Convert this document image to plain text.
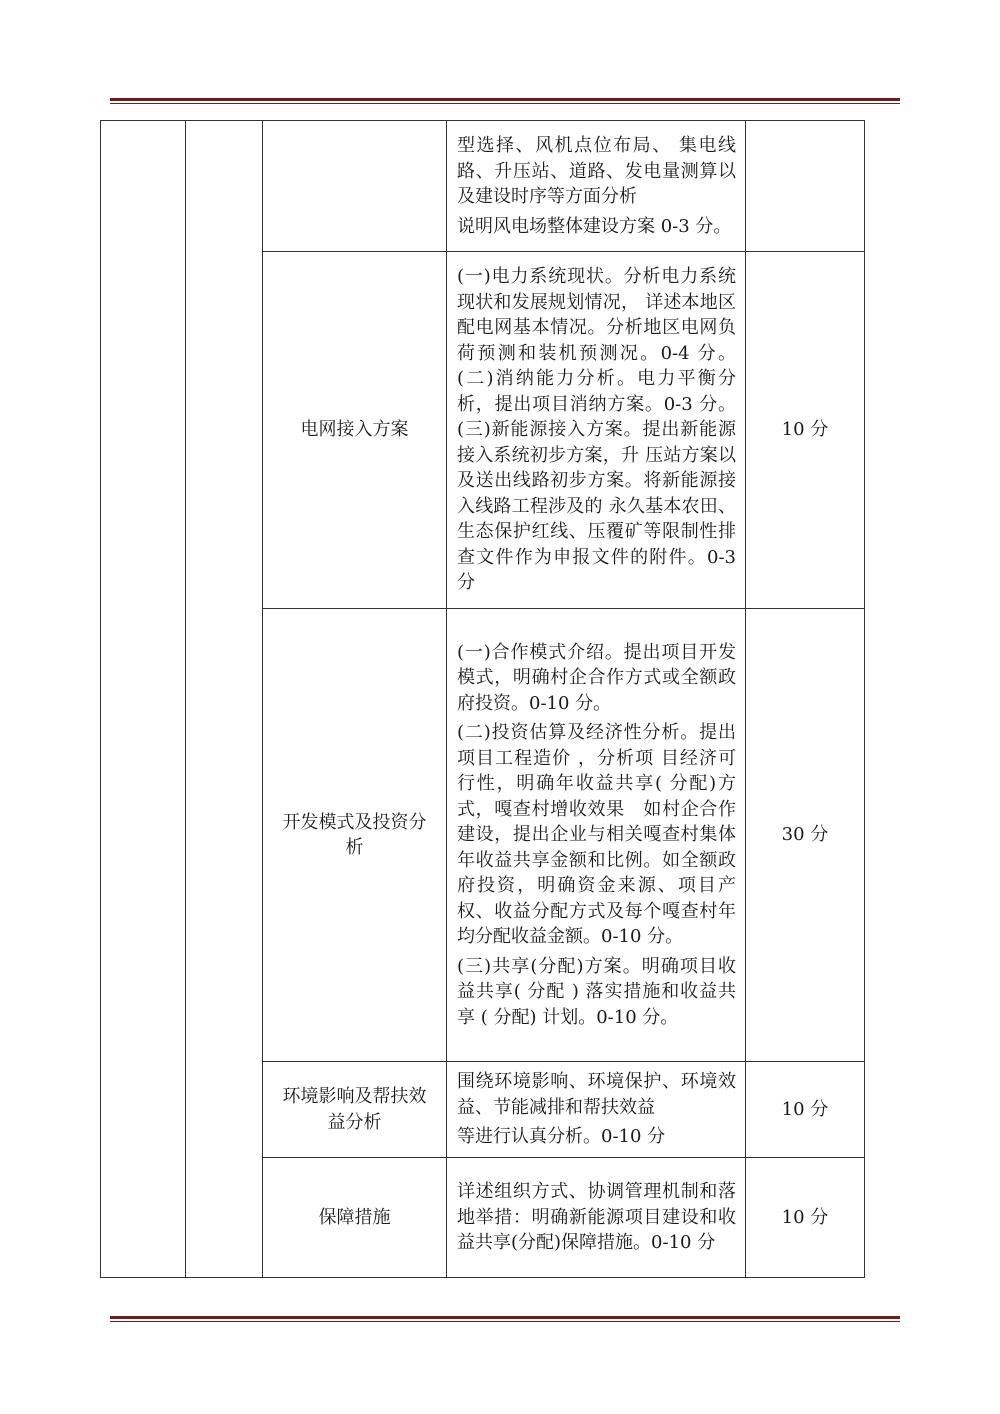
			型选择、风机点位布局、 集电线路、升压站、道路、发电量测算以及建设时序等方面分析

说明风电场整体建设方案 0-3 分。	

		电网接入方案	(一)电力系统现状。分析电力系统现状和发展规划情况， 详述本地区配电网基本情况。分析地区电网负荷预测和装机预测况。0-4 分。(二)消纳能力分析。电力平衡分析，提出项目消纳方案。0-3 分。(三)新能源接入方案。提出新能源接入系统初步方案，升 压站方案以及送出线路初步方案。将新能源接入线路工程涉及的 永久基本农田、生态保护红线、压覆矿等限制性排查文件作为申报文件的附件。0-3 分	10 分
		开发模式及投资分析	(一)合作模式介绍。提出项目开发模式，明确村企合作方式或全额政府投资。0-10 分。

(二)投资估算及经济性分析。提出项目工程造价 ，分析项 目经济可行性，明确年收益共享( 分配)方式，嘎查村增收效果　如村企合作建设，提出企业与相关嘎查村集体年收益共享金额和比例。如全额政府投资，明确资金来源、项目产权、收益分配方式及每个嘎查村年均分配收益金额。0-10 分。

(三)共享(分配)方案。明确项目收益共享( 分配 ) 落实措施和收益共享 ( 分配) 计划。0-10 分。	30 分
		环境影响及帮扶效益分析	围绕环境影响、环境保护、环境效益、节能减排和帮扶效益

等进行认真分析。0-10 分	10 分
		保障措施	详述组织方式、协调管理机制和落地举措：明确新能源项目建设和收益共享(分配)保障措施。0-10 分	10 分
